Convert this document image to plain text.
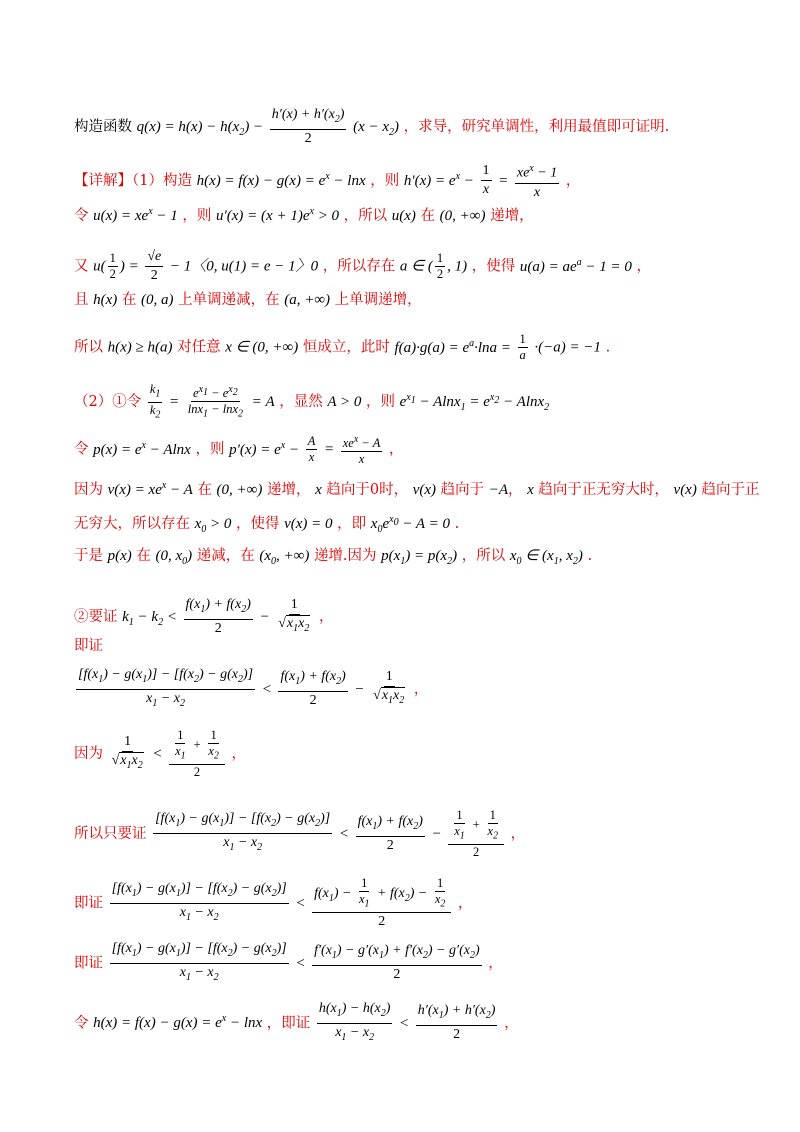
构造函数 $q(x) = h(x) - h(x_2) - \frac{h'(x) + h'(x_2)}{2} (x - x_2)$ ，求导，研究单调性，利用最值即可证明.
【详解】（1）构造 $h(x) = f(x) - g(x) = e^x - \ln x$ ，则 $h'(x) = e^x - \frac{1}{x} = \frac{xe^x - 1}{x}$ ，
令 $u(x) = xe^x - 1$ ，则 $u'(x) = (x + 1)e^x > 0$ ，所以 u(x) 在 (0, +∞) 递增，
又 $u( \frac{1}{2}$ ) = $\frac{√e}{2} - 1$〈0, u(1) = e − 1〉0 ，所以存在 a ∈ ( $\frac{1}{2}$ , 1) ，使得 $u(a) = ae^a - 1 = 0$ ，
且 h(x) 在 (0, a) 上单调递减，在 (a, +∞) 上单调递增，
所以 h(x) ≥ h(a) 对任意 x ∈ (0, +∞) 恒成立，此时 $f(a)\cdot g(a) = e^a\cdot\ln a = \frac{1}{a} \cdot(-a) = -1$ .
（2）①令 $\frac{k_1}{k_2} = \frac{e^{x_1} - e^{x_2}}{\ln x_1 - \ln x_2} = A$ ，显然 A > 0 ，则 $e^{x_1} - Alnx_1 = e^{x_2} - Alnx_2$
令 $p(x) = e^x - Alnx$ ，则 $p'(x) = e^x - \frac{A}{x} = \frac{xe^x - A}{x}$ ，
因为 $v(x) = xe^x - A$ 在 (0, +∞) 递增， x 趋向于0时， v(x) 趋向于 −A， x 趋向于正无穷大时， v(x) 趋向于正
无穷大，所以存在 $x_0 > 0$ ，使得 v(x) = 0 ，即 $x_0e^{x_0} - A = 0$ .
于是 p(x) 在 (0, $x_0$) 递减，在 ($x_0$, +∞) 递增.因为 $p(x_1) = p(x_2)$ ，所以 $x_0$ ∈ ($x_1$, $x_2$) .
②要证 $k_1 - k_2 < \frac{f(x_1) + f(x_2)}{2} - \frac{1}{√x_1x_2}$ ，
即证
$\frac{[f(x_1) - g(x_1)] - [f(x_2) - g(x_2)]}{x_1 - x_2} < \frac{f(x_1) + f(x_2)}{2} - \frac{1}{√x_1x_2}$ ，
因为 $\frac{1}{√x_1x_2} < \frac{\frac{1}{x_1} + \frac{1}{x_2}}{2}$ ，
所以只要证 $\frac{[f(x_1) - g(x_1)] - [f(x_2) - g(x_2)]}{x_1 - x_2} < \frac{f(x_1) + f(x_2)}{2} - \frac{\frac{1}{x_1} + \frac{1}{x_2}}{2}$ ，
即证 $\frac{[f(x_1) - g(x_1)] - [f(x_2) - g(x_2)]}{x_1 - x_2} < \frac{f(x_1) - \frac{1}{x_1} + f(x_2) - \frac{1}{x_2}}{2}$ ，
即证 $\frac{[f(x_1) - g(x_1)] - [f(x_2) - g(x_2)]}{x_1 - x_2} < \frac{f'(x_1) - g'(x_1) + f'(x_2) - g'(x_2)}{2}$ ，
令 $h(x) = f(x) - g(x) = e^x - \ln x$ ，即证 $\frac{h(x_1) - h(x_2)}{x_1 - x_2} < \frac{h'(x_1) + h'(x_2)}{2}$ ，
